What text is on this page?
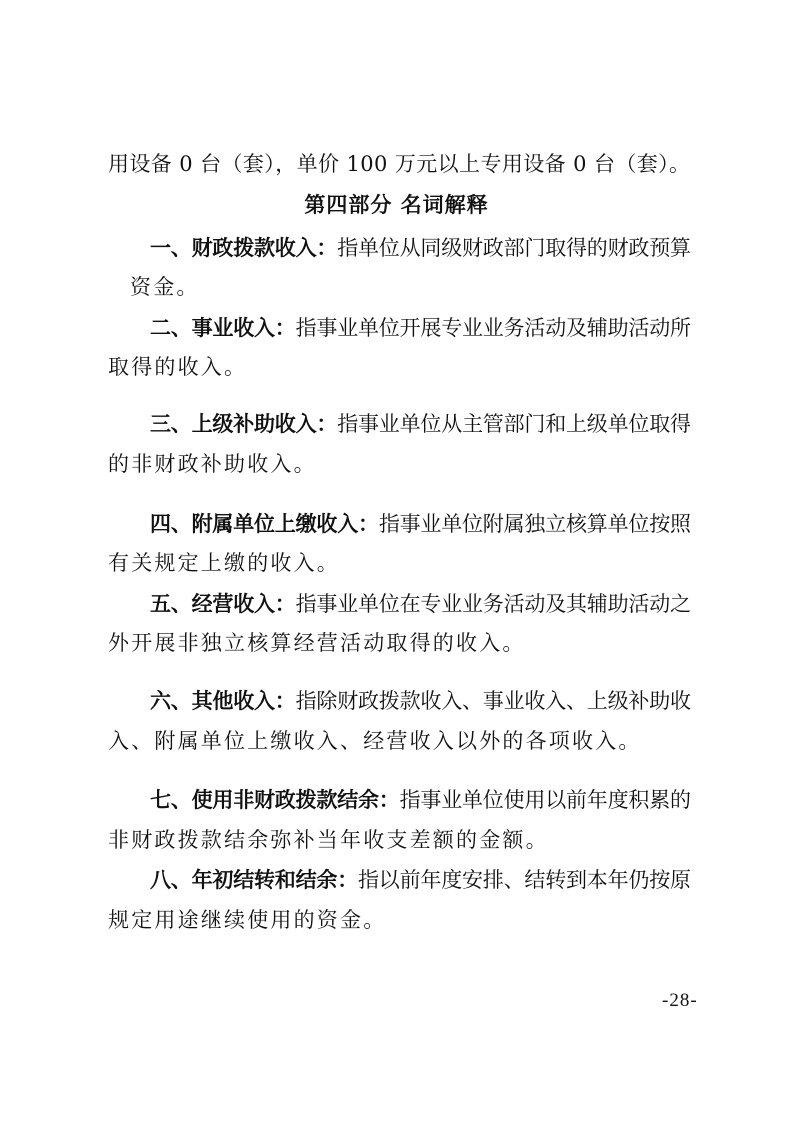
用设备 0 台（套），单价 100 万元以上专用设备 0 台（套）。
第四部分 名词解释
一、财政拨款收入：指单位从同级财政部门取得的财政预算
资金。
二、事业收入：指事业单位开展专业业务活动及辅助活动所
取得的收入。
三、上级补助收入：指事业单位从主管部门和上级单位取得
的非财政补助收入。
四、附属单位上缴收入：指事业单位附属独立核算单位按照
有关规定上缴的收入。
五、经营收入：指事业单位在专业业务活动及其辅助活动之
外开展非独立核算经营活动取得的收入。
六、其他收入：指除财政拨款收入、事业收入、上级补助收
入、附属单位上缴收入、经营收入以外的各项收入。
七、使用非财政拨款结余：指事业单位使用以前年度积累的
非财政拨款结余弥补当年收支差额的金额。
八、年初结转和结余：指以前年度安排、结转到本年仍按原
规定用途继续使用的资金。
-28-
